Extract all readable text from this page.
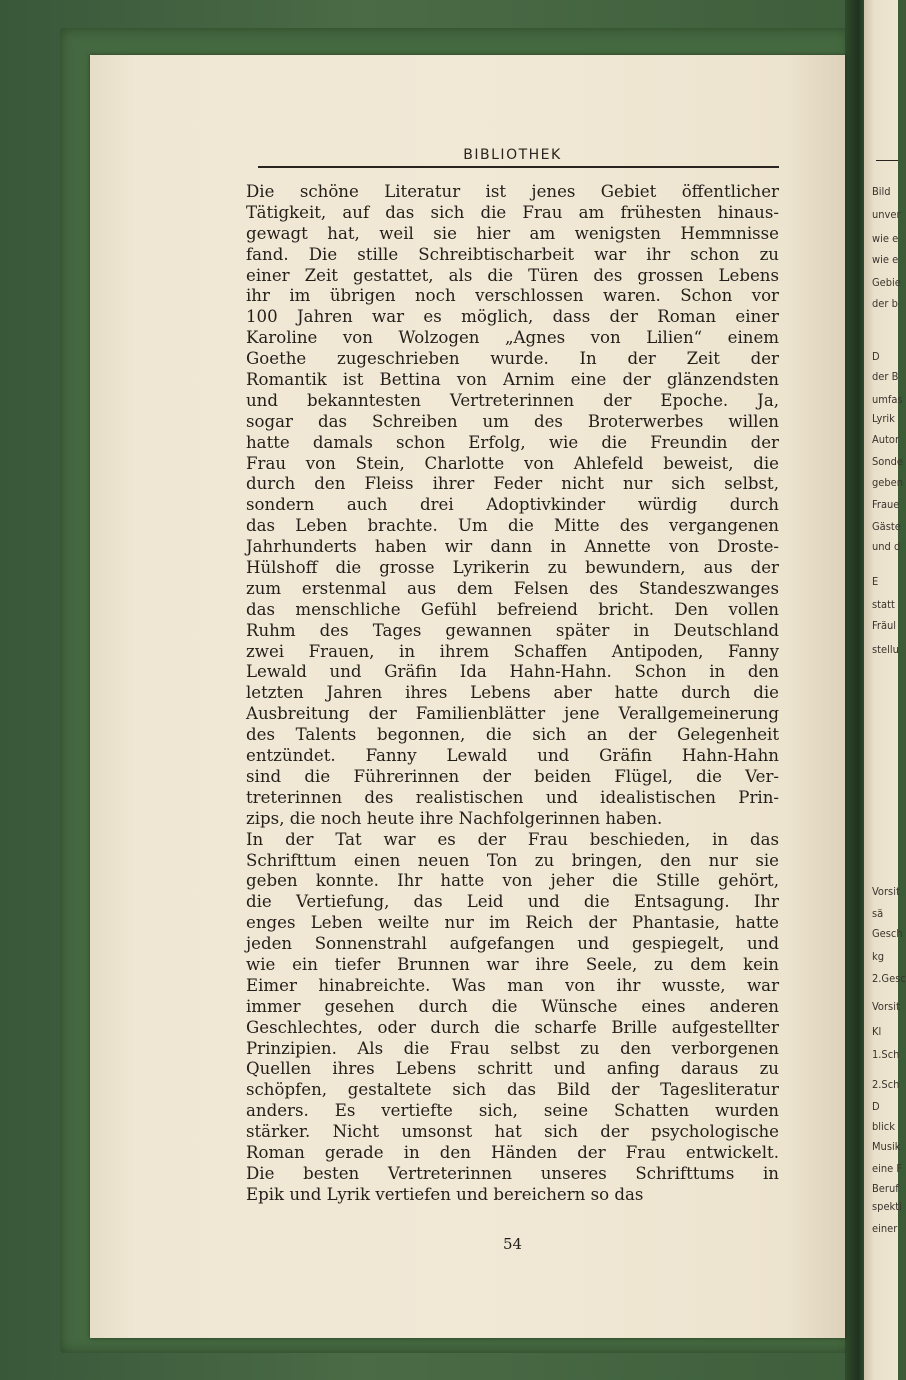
Bild
unver
wie e
wie e
Gebie
der b
D
der B
umfas
Lyrik
Autor
Sonde
geben
Fraue
Gäste
und d
E
statt
Fräul
stellu
Vorsit
sä
Gesch
kg
2.Gesc
Vorsit
Kl
1.Sch
2.Sch
D
blick
Musik
eine F
Beruf
spekti
einer
BIBLIOTHEK
Die schöne Literatur ist jenes Gebiet öffentlicher
Tätigkeit, auf das sich die Frau am frühesten hinaus-
gewagt hat, weil sie hier am wenigsten Hemmnisse
fand. Die stille Schreibtischarbeit war ihr schon zu
einer Zeit gestattet, als die Türen des grossen Lebens
ihr im übrigen noch verschlossen waren. Schon vor
100 Jahren war es möglich, dass der Roman einer
Karoline von Wolzogen „Agnes von Lilien“ einem
Goethe zugeschrieben wurde. In der Zeit der
Romantik ist Bettina von Arnim eine der glänzendsten
und bekanntesten Vertreterinnen der Epoche. Ja,
sogar das Schreiben um des Broterwerbes willen
hatte damals schon Erfolg, wie die Freundin der
Frau von Stein, Charlotte von Ahlefeld beweist, die
durch den Fleiss ihrer Feder nicht nur sich selbst,
sondern auch drei Adoptivkinder würdig durch
das Leben brachte. Um die Mitte des vergangenen
Jahrhunderts haben wir dann in Annette von Droste-
Hülshoff die grosse Lyrikerin zu bewundern, aus der
zum erstenmal aus dem Felsen des Standeszwanges
das menschliche Gefühl befreiend bricht. Den vollen
Ruhm des Tages gewannen später in Deutschland
zwei Frauen, in ihrem Schaffen Antipoden, Fanny
Lewald und Gräfin Ida Hahn-Hahn. Schon in den
letzten Jahren ihres Lebens aber hatte durch die
Ausbreitung der Familienblätter jene Verallgemeinerung
des Talents begonnen, die sich an der Gelegenheit
entzündet. Fanny Lewald und Gräfin Hahn-Hahn
sind die Führerinnen der beiden Flügel, die Ver-
treterinnen des realistischen und idealistischen Prin-
zips, die noch heute ihre Nachfolgerinnen haben.
In der Tat war es der Frau beschieden, in das
Schrifttum einen neuen Ton zu bringen, den nur sie
geben konnte. Ihr hatte von jeher die Stille gehört,
die Vertiefung, das Leid und die Entsagung. Ihr
enges Leben weilte nur im Reich der Phantasie, hatte
jeden Sonnenstrahl aufgefangen und gespiegelt, und
wie ein tiefer Brunnen war ihre Seele, zu dem kein
Eimer hinabreichte. Was man von ihr wusste, war
immer gesehen durch die Wünsche eines anderen
Geschlechtes, oder durch die scharfe Brille aufgestellter
Prinzipien. Als die Frau selbst zu den verborgenen
Quellen ihres Lebens schritt und anfing daraus zu
schöpfen, gestaltete sich das Bild der Tagesliteratur
anders. Es vertiefte sich, seine Schatten wurden
stärker. Nicht umsonst hat sich der psychologische
Roman gerade in den Händen der Frau entwickelt.
Die besten Vertreterinnen unseres Schrifttums in
Epik und Lyrik vertiefen und bereichern so das
54
